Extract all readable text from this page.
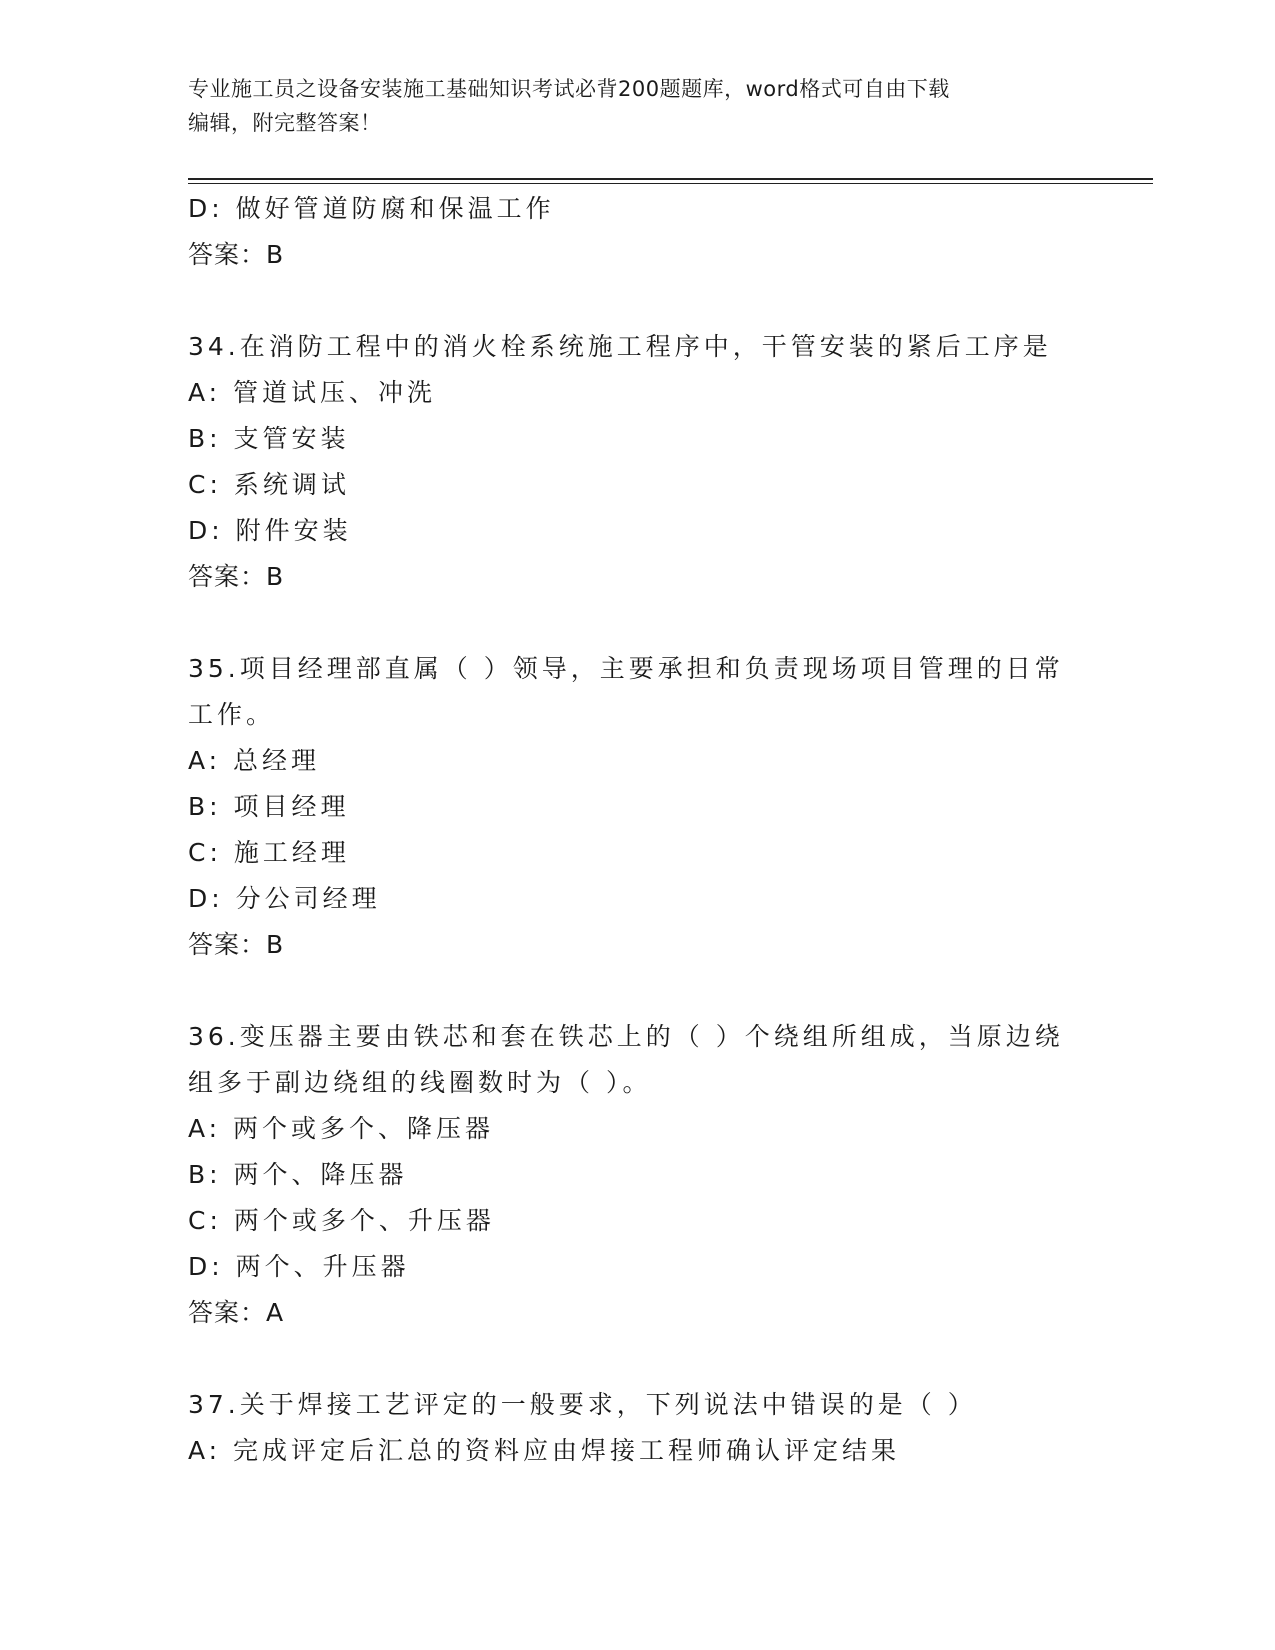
专业施工员之设备安装施工基础知识考试必背200题题库，word格式可自由下载
编辑，附完整答案！
D: 做好管道防腐和保温工作
答案：B
34.在消防工程中的消火栓系统施工程序中，干管安装的紧后工序是
A: 管道试压、冲洗
B: 支管安装
C: 系统调试
D: 附件安装
答案：B
35.项目经理部直属（ ）领导，主要承担和负责现场项目管理的日常
工作。
A: 总经理
B: 项目经理
C: 施工经理
D: 分公司经理
答案：B
36.变压器主要由铁芯和套在铁芯上的（ ）个绕组所组成，当原边绕
组多于副边绕组的线圈数时为（ ）。
A: 两个或多个、降压器
B: 两个、降压器
C: 两个或多个、升压器
D: 两个、升压器
答案：A
37.关于焊接工艺评定的一般要求，下列说法中错误的是（ ）
A: 完成评定后汇总的资料应由焊接工程师确认评定结果
